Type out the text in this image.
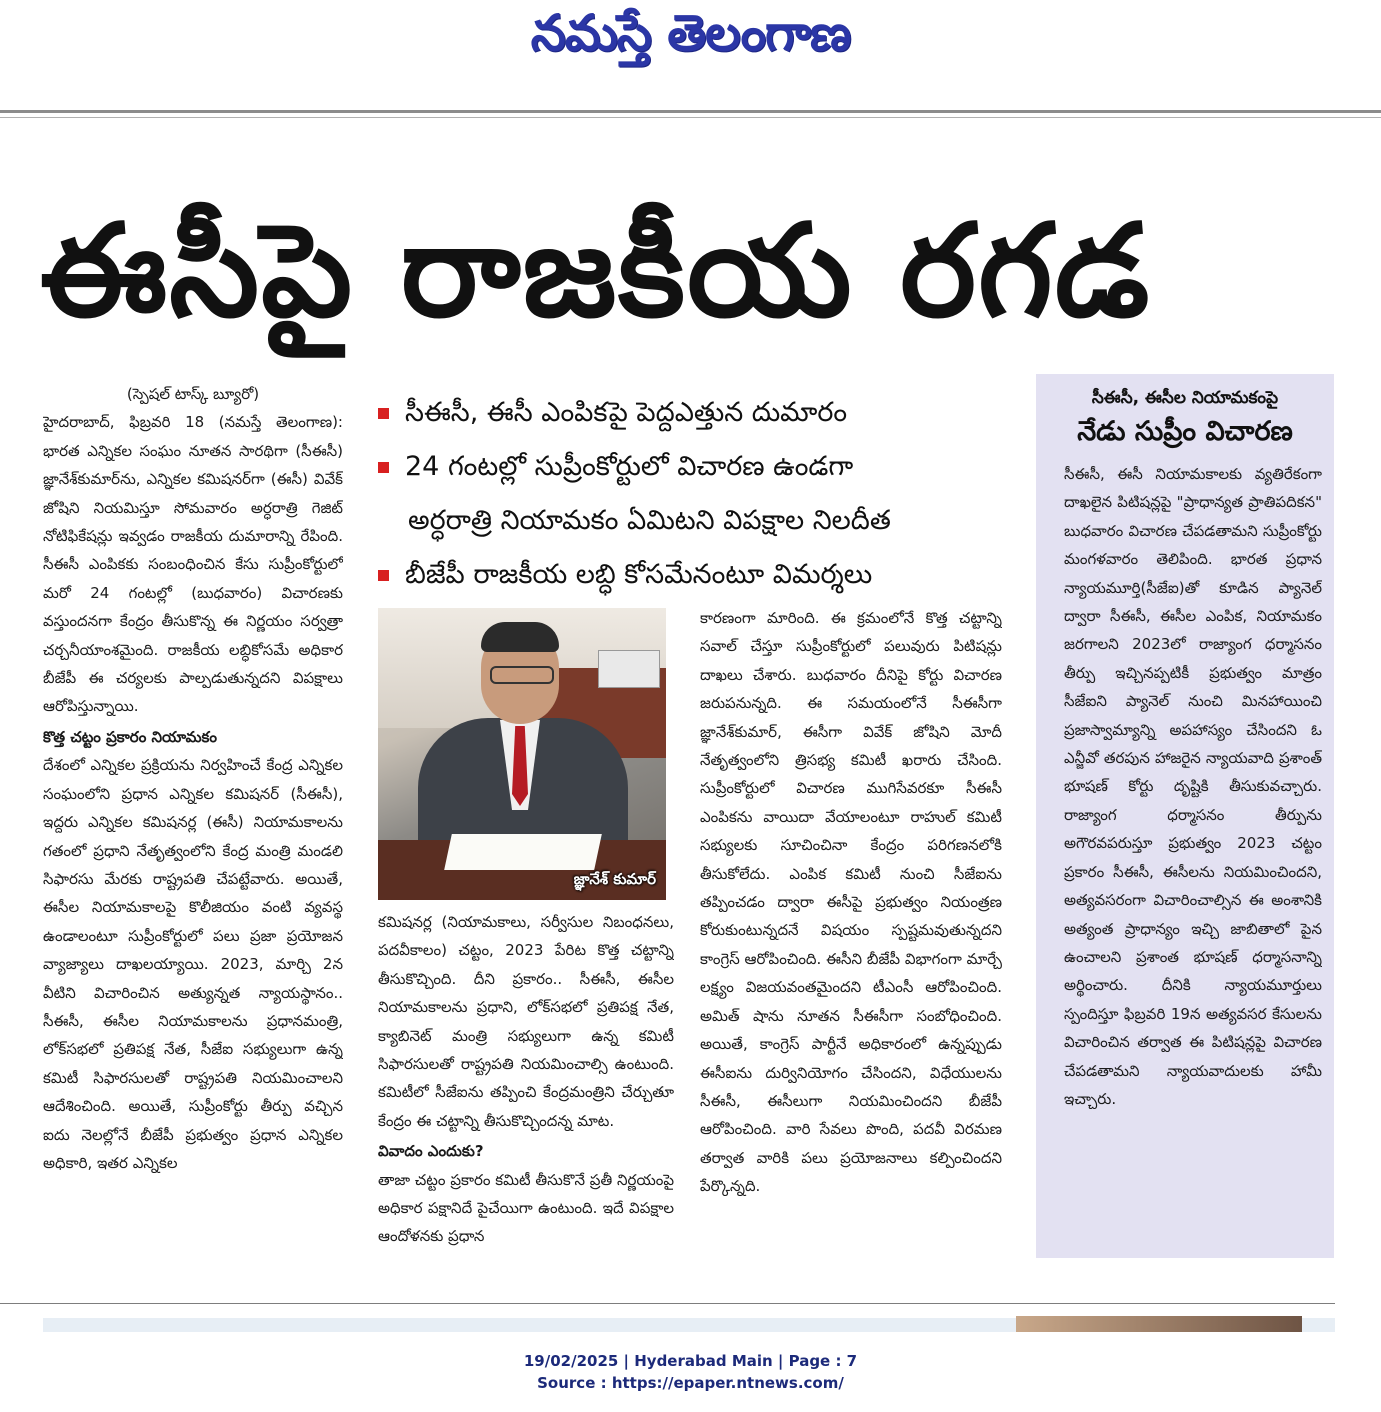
నమస్తే తెలంగాణ
ఈసీపై రాజకీయ రగడ
సీఈసీ, ఈసీ ఎంపికపై పెద్దఎత్తున దుమారం
24 గంటల్లో సుప్రీంకోర్టులో విచారణ ఉండగా
అర్ధరాత్రి నియామకం ఏమిటని విపక్షాల నిలదీత
బీజేపీ రాజకీయ లబ్ధి కోసమేనంటూ విమర్శలు

(స్పెషల్ టాస్క్ బ్యూరో)

హైదరాబాద్, ఫిబ్రవరి 18 (నమస్తే తెలంగాణ): భారత ఎన్నికల సంఘం నూతన సారథిగా (సీఈసీ) జ్ఞానేశ్‌కుమార్‌ను, ఎన్నికల కమిషనర్‌గా (ఈసీ) వివేక్ జోషిని నియమిస్తూ సోమవారం అర్ధరాత్రి గెజిట్ నోటిఫికేషన్లు ఇవ్వడం రాజకీయ దుమారాన్ని రేపింది. సీఈసీ ఎంపికకు సంబంధించిన కేసు సుప్రీంకోర్టులో మరో 24 గంటల్లో (బుధవారం) విచారణకు వస్తుందనగా కేంద్రం తీసుకొన్న ఈ నిర్ణయం సర్వత్రా చర్చనీయాంశమైంది. రాజకీయ లబ్ధికోసమే అధికార బీజేపీ ఈ చర్యలకు పాల్పడుతున్నదని విపక్షాలు ఆరోపిస్తున్నాయి.

కొత్త చట్టం ప్రకారం నియామకం

దేశంలో ఎన్నికల ప్రక్రియను నిర్వహించే కేంద్ర ఎన్నికల సంఘంలోని ప్రధాన ఎన్నికల కమిషనర్ (సీఈసీ), ఇద్దరు ఎన్నికల కమిషనర్ల (ఈసీ) నియామకాలను గతంలో ప్రధాని నేతృత్వంలోని కేంద్ర మంత్రి మండలి సిఫారసు మేరకు రాష్ట్రపతి చేపట్టేవారు. అయితే, ఈసీల నియామకాలపై కొలీజియం వంటి వ్యవస్థ ఉండాలంటూ సుప్రీంకోర్టులో పలు ప్రజా ప్రయోజన వ్యాజ్యాలు దాఖలయ్యాయి. 2023, మార్చి 2న వీటిని విచారించిన అత్యున్నత న్యాయస్థానం.. సీఈసీ, ఈసీల నియామకాలను ప్రధానమంత్రి, లోక్‌సభలో ప్రతిపక్ష నేత, సీజేఐ సభ్యులుగా ఉన్న కమిటీ సిఫారసులతో రాష్ట్రపతి నియమించాలని ఆదేశించింది. అయితే, సుప్రీంకోర్టు తీర్పు వచ్చిన ఐదు నెలల్లోనే బీజేపీ ప్రభుత్వం ప్రధాన ఎన్నికల అధికారి, ఇతర ఎన్నికల

జ్ఞానేశ్ కుమార్

కమిషనర్ల (నియామకాలు, సర్వీసుల నిబంధనలు, పదవీకాలం) చట్టం, 2023 పేరిట కొత్త చట్టాన్ని తీసుకొచ్చింది. దీని ప్రకారం.. సీఈసీ, ఈసీల నియామకాలను ప్రధాని, లోక్‌సభలో ప్రతిపక్ష నేత, క్యాబినెట్ మంత్రి సభ్యులుగా ఉన్న కమిటీ సిఫారసులతో రాష్ట్రపతి నియమించాల్సి ఉంటుంది. కమిటీలో సీజేఐను తప్పించి కేంద్రమంత్రిని చేర్చుతూ కేంద్రం ఈ చట్టాన్ని తీసుకొచ్చిందన్న మాట.

వివాదం ఎందుకు?

తాజా చట్టం ప్రకారం కమిటీ తీసుకొనే ప్రతీ నిర్ణయంపై అధికార పక్షానిదే పైచేయిగా ఉంటుంది. ఇదే విపక్షాల ఆందోళనకు ప్రధాన

కారణంగా మారింది. ఈ క్రమంలోనే కొత్త చట్టాన్ని సవాల్ చేస్తూ సుప్రీంకోర్టులో పలువురు పిటిషన్లు దాఖలు చేశారు. బుధవారం దీనిపై కోర్టు విచారణ జరుపనున్నది. ఈ సమయంలోనే సీఈసీగా జ్ఞానేశ్‌కుమార్, ఈసీగా వివేక్ జోషిని మోదీ నేతృత్వంలోని త్రిసభ్య కమిటీ ఖరారు చేసింది. సుప్రీంకోర్టులో విచారణ ముగిసేవరకూ సీఈసీ ఎంపికను వాయిదా వేయాలంటూ రాహుల్ కమిటీ సభ్యులకు సూచించినా కేంద్రం పరిగణనలోకి తీసుకోలేదు. ఎంపిక కమిటీ నుంచి సీజేఐను తప్పించడం ద్వారా ఈసీపై ప్రభుత్వం నియంత్రణ కోరుకుంటున్నదనే విషయం స్పష్టమవుతున్నదని కాంగ్రెస్ ఆరోపించింది. ఈసీని బీజేపీ విభాగంగా మార్చే లక్ష్యం విజయవంతమైందని టీఎంసీ ఆరోపించింది. అమిత్ షాను నూతన సీఈసీగా సంబోధించింది. అయితే, కాంగ్రెస్ పార్టీనే అధికారంలో ఉన్నప్పుడు ఈసీఐను దుర్వినియోగం చేసిందని, విధేయులను సీఈసీ, ఈసీలుగా నియమించిందని బీజేపీ ఆరోపించింది. వారి సేవలు పొంది, పదవీ విరమణ తర్వాత వారికి పలు ప్రయోజనాలు కల్పించిందని పేర్కొన్నది.

సీఈసీ, ఈసీల నియామకంపై
నేడు సుప్రీం విచారణ
సీఈసీ, ఈసీ నియామకాలకు వ్యతిరేకంగా దాఖలైన పిటిషన్లపై "ప్రాధాన్యత ప్రాతిపదికన" బుధవారం విచారణ చేపడతామని సుప్రీంకోర్టు మంగళవారం తెలిపింది. భారత ప్రధాన న్యాయమూర్తి(సీజేఐ)తో కూడిన ప్యానెల్ ద్వారా సీఈసీ, ఈసీల ఎంపిక, నియామకం జరగాలని 2023లో రాజ్యాంగ ధర్మాసనం తీర్పు ఇచ్చినప్పటికీ ప్రభుత్వం మాత్రం సీజేఐని ప్యానెల్ నుంచి మినహాయించి ప్రజాస్వామ్యాన్ని అపహాస్యం చేసిందని ఓ ఎన్జీవో తరపున హాజరైన న్యాయవాది ప్రశాంత్ భూషణ్ కోర్టు దృష్టికి తీసుకువచ్చారు. రాజ్యాంగ ధర్మాసనం తీర్పును అగౌరవపరుస్తూ ప్రభుత్వం 2023 చట్టం ప్రకారం సీఈసీ, ఈసీలను నియమించిందని, అత్యవసరంగా విచారించాల్సిన ఈ అంశానికి అత్యంత ప్రాధాన్యం ఇచ్చి జాబితాలో పైన ఉంచాలని ప్రశాంత భూషణ్ ధర్మాసనాన్ని అర్థించారు. దీనికి న్యాయమూర్తులు స్పందిస్తూ ఫిబ్రవరి 19న అత్యవసర కేసులను విచారించిన తర్వాత ఈ పిటిషన్లపై విచారణ చేపడతామని న్యాయవాదులకు హామీ ఇచ్చారు.
19/02/2025 | Hyderabad Main | Page : 7
Source : https://epaper.ntnews.com/
